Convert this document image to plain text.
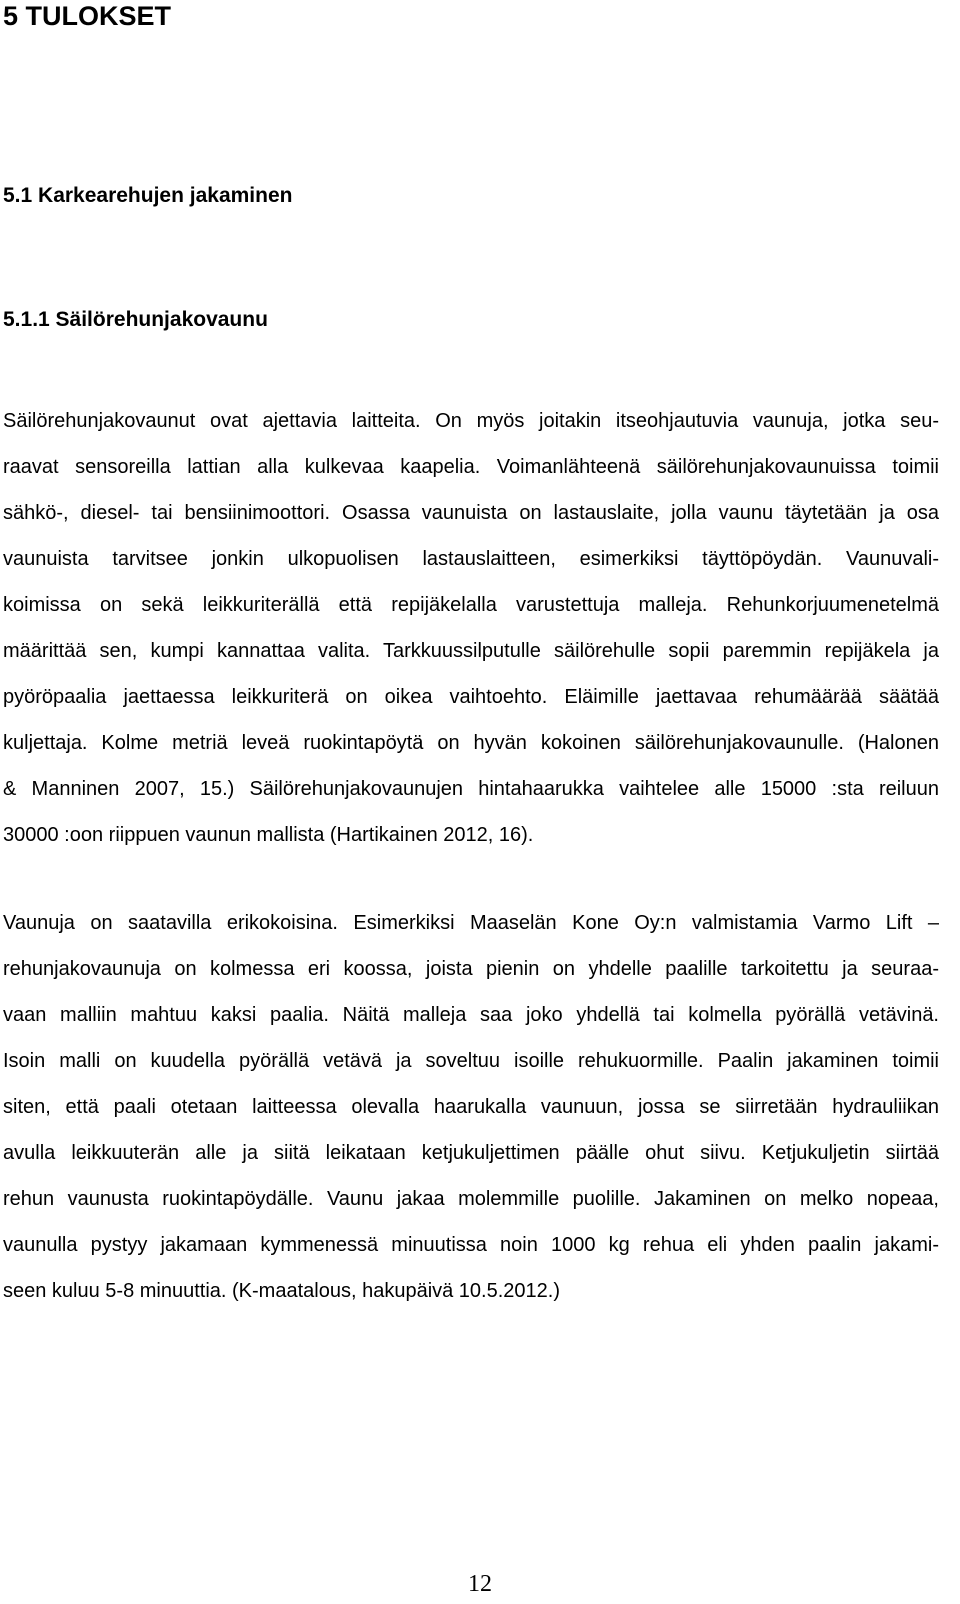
5 TULOKSET
5.1 Karkearehujen jakaminen
5.1.1 Säilörehunjakovaunu
Säilörehunjakovaunut ovat ajettavia laitteita. On myös joitakin itseohjautuvia vaunuja, jotka seu-
raavat sensoreilla lattian alla kulkevaa kaapelia. Voimanlähteenä säilörehunjakovaunuissa toimii
sähkö-, diesel- tai bensiinimoottori. Osassa vaunuista on lastauslaite, jolla vaunu täytetään ja osa
vaunuista tarvitsee jonkin ulkopuolisen lastauslaitteen, esimerkiksi täyttöpöydän. Vaunuvali-
koimissa on sekä leikkuriterällä että repijäkelalla varustettuja malleja. Rehunkorjuumenetelmä
määrittää sen, kumpi kannattaa valita. Tarkkuussilputulle säilörehulle sopii paremmin repijäkela ja
pyöröpaalia jaettaessa leikkuriterä on oikea vaihtoehto. Eläimille jaettavaa rehumäärää säätää
kuljettaja. Kolme metriä leveä ruokintapöytä on hyvän kokoinen säilörehunjakovaunulle. (Halonen
& Manninen 2007, 15.) Säilörehunjakovaunujen hintahaarukka vaihtelee alle 15000 :sta reiluun
30000 :oon riippuen vaunun mallista (Hartikainen 2012, 16).
Vaunuja on saatavilla erikokoisina. Esimerkiksi Maaselän Kone Oy:n valmistamia Varmo Lift –
rehunjakovaunuja on kolmessa eri koossa, joista pienin on yhdelle paalille tarkoitettu ja seuraa-
vaan malliin mahtuu kaksi paalia. Näitä malleja saa joko yhdellä tai kolmella pyörällä vetävinä.
Isoin malli on kuudella pyörällä vetävä ja soveltuu isoille rehukuormille. Paalin jakaminen toimii
siten, että paali otetaan laitteessa olevalla haarukalla vaunuun, jossa se siirretään hydrauliikan
avulla leikkuuterän alle ja siitä leikataan ketjukuljettimen päälle ohut siivu. Ketjukuljetin siirtää
rehun vaunusta ruokintapöydälle. Vaunu jakaa molemmille puolille. Jakaminen on melko nopeaa,
vaunulla pystyy jakamaan kymmenessä minuutissa noin 1000 kg rehua eli yhden paalin jakami-
seen kuluu 5-8 minuuttia. (K-maatalous, hakupäivä 10.5.2012.)
12
